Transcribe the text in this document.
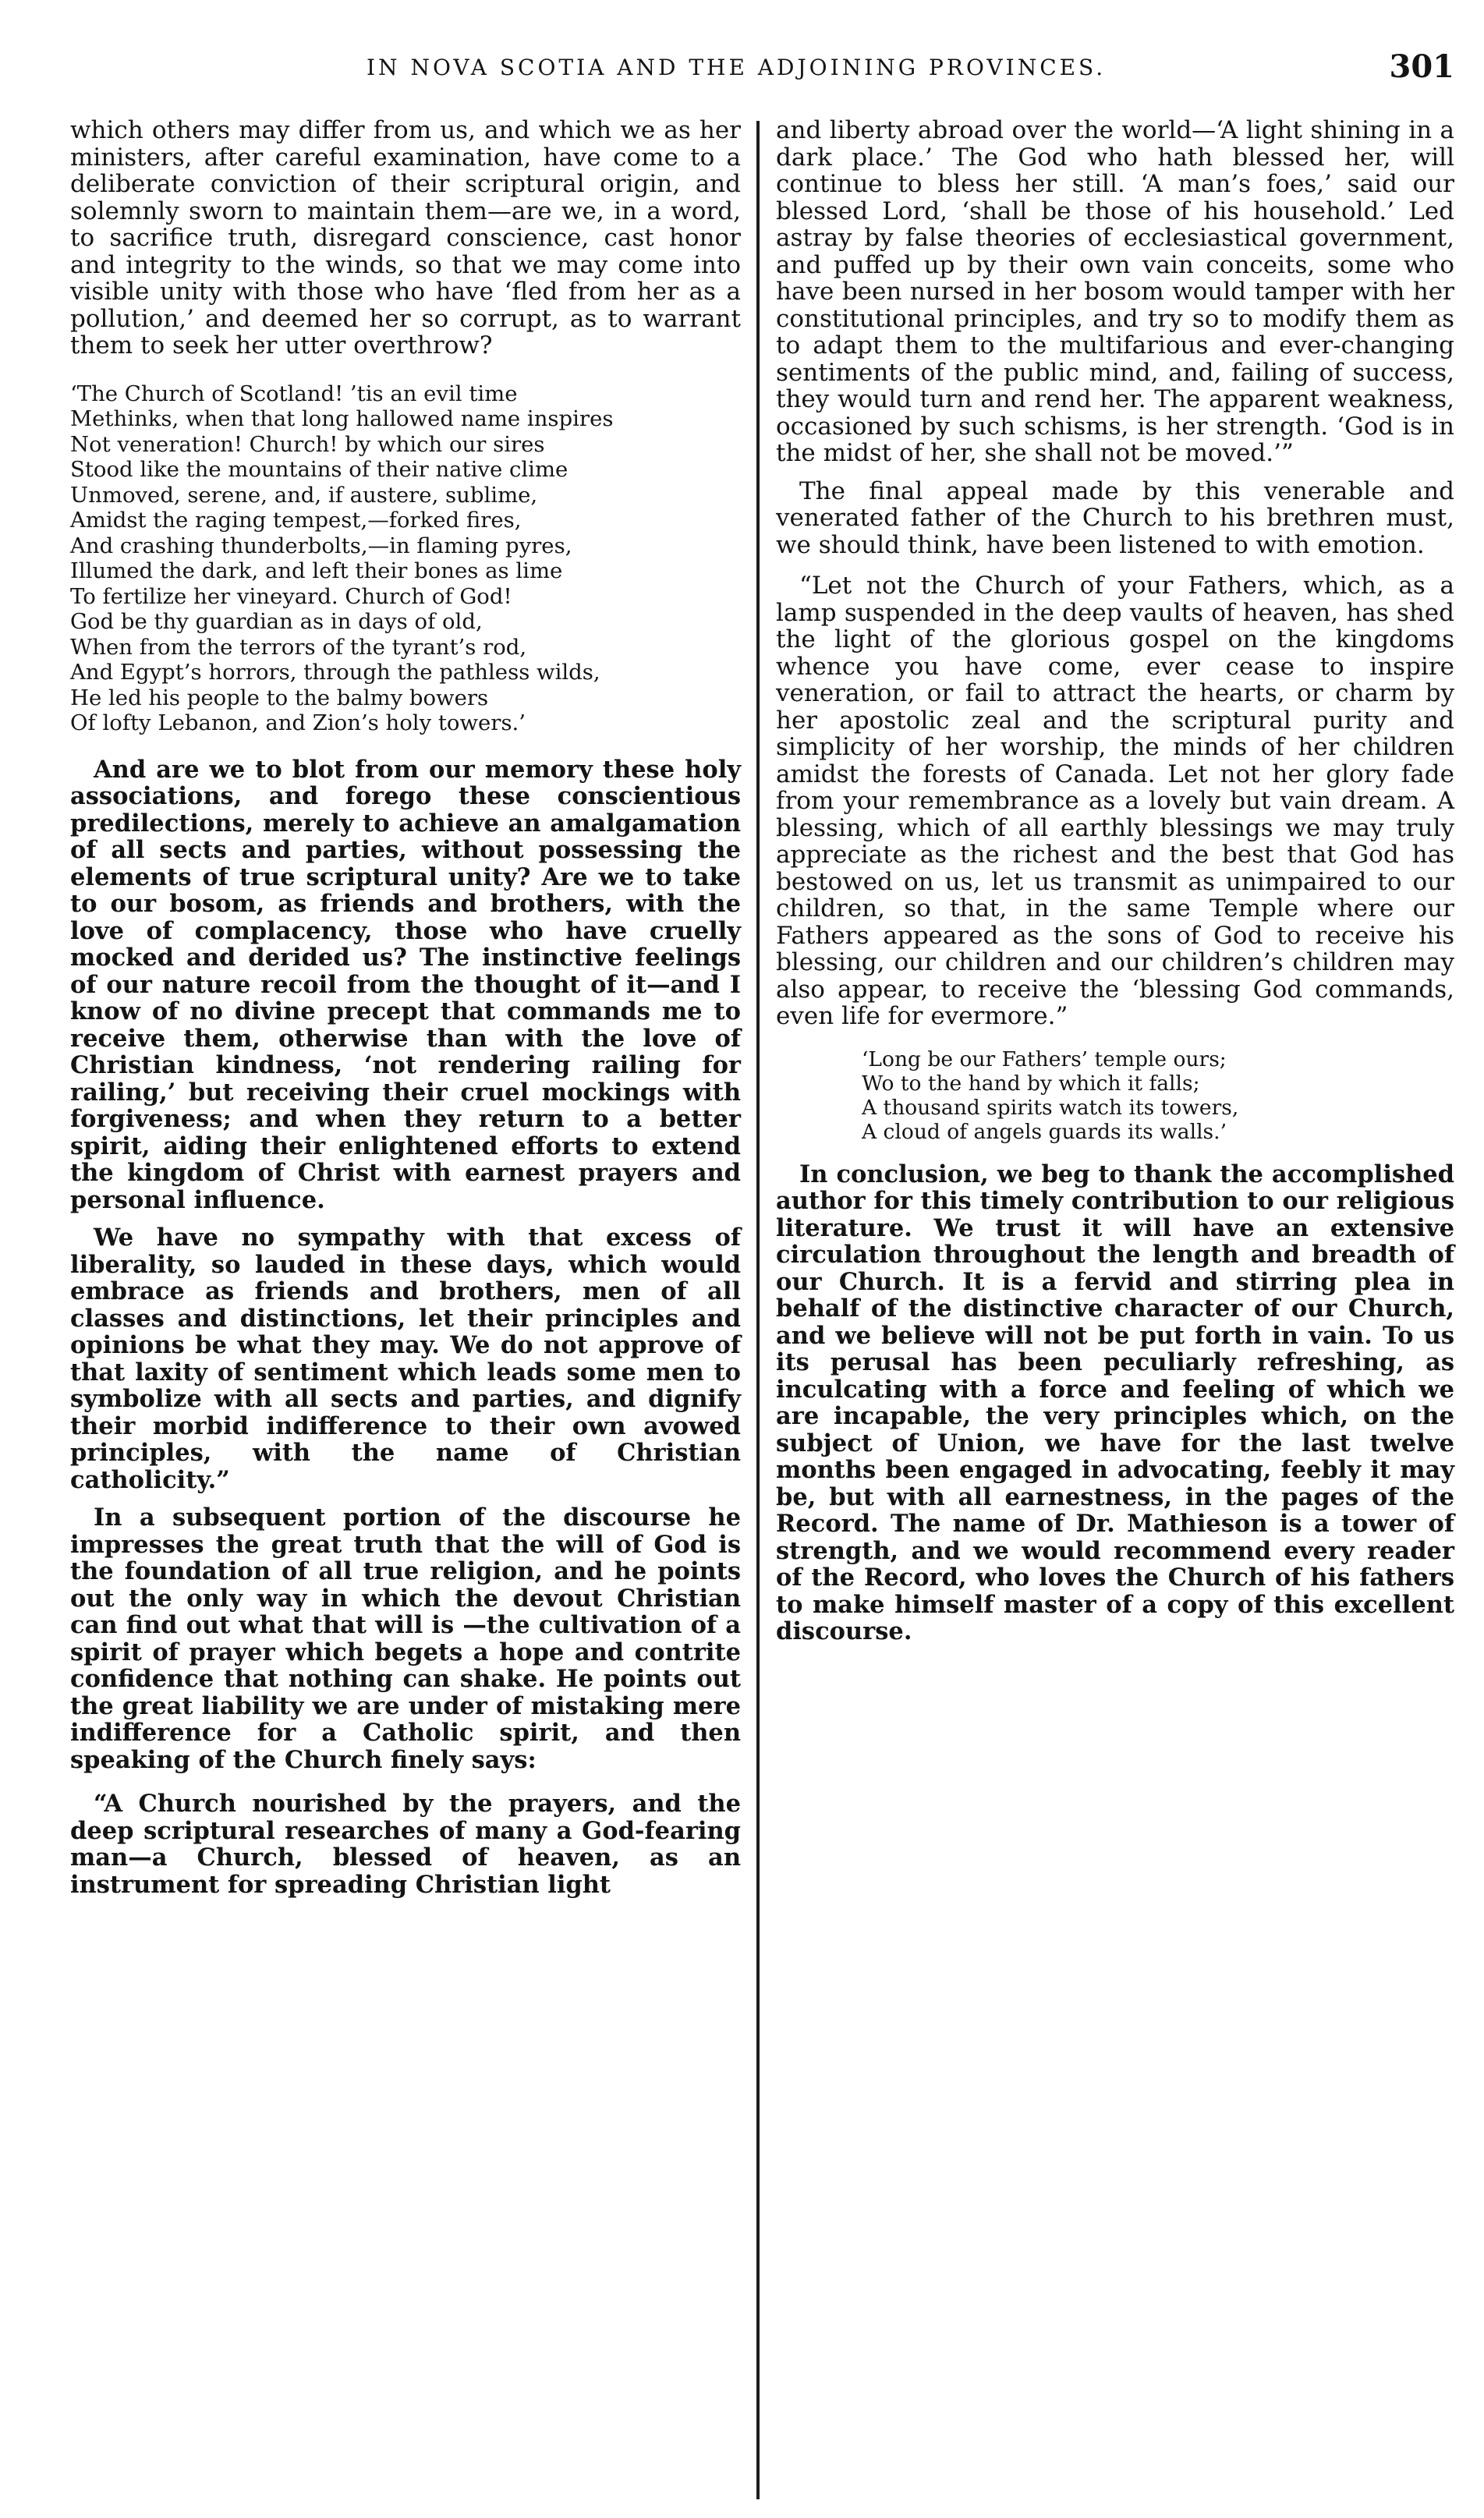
IN NOVA SCOTIA AND THE ADJOINING PROVINCES.	301

which others may differ from us, and which we as her ministers, after careful examination, have come to a deliberate conviction of their scriptural origin, and solemnly sworn to maintain them—are we, in a word, to sacrifice truth, disregard conscience, cast honor and integrity to the winds, so that we may come into visible unity with those who have ‘fled from her as a pollution,’ and deemed her so corrupt, as to warrant them to seek her utter overthrow?

‘The Church of Scotland! ’tis an evil time
Methinks, when that long hallowed name inspires
Not veneration! Church! by which our sires
Stood like the mountains of their native clime
Unmoved, serene, and, if austere, sublime,
Amidst the raging tempest,—forked fires,
And crashing thunderbolts,—in flaming pyres,
Illumed the dark, and left their bones as lime
To fertilize her vineyard. Church of God!
God be thy guardian as in days of old,
When from the terrors of the tyrant’s rod,
And Egypt’s horrors, through the pathless wilds,
He led his people to the balmy bowers
Of lofty Lebanon, and Zion’s holy towers.’

And are we to blot from our memory these holy associations, and forego these conscientious predilections, merely to achieve an amalgamation of all sects and parties, without possessing the elements of true scriptural unity? Are we to take to our bosom, as friends and brothers, with the love of complacency, those who have cruelly mocked and derided us? The instinctive feelings of our nature recoil from the thought of it—and I know of no divine precept that commands me to receive them, otherwise than with the love of Christian kindness, ‘not rendering railing for railing,’ but receiving their cruel mockings with forgiveness; and when they return to a better spirit, aiding their enlightened efforts to extend the kingdom of Christ with earnest prayers and personal influence.

We have no sympathy with that excess of liberality, so lauded in these days, which would embrace as friends and brothers, men of all classes and distinctions, let their principles and opinions be what they may. We do not approve of that laxity of sentiment which leads some men to symbolize with all sects and parties, and dignify their morbid indifference to their own avowed principles, with the name of Christian catholicity.”

In a subsequent portion of the discourse he impresses the great truth that the will of God is the foundation of all true religion, and he points out the only way in which the devout Christian can find out what that will is —the cultivation of a spirit of prayer which begets a hope and contrite confidence that nothing can shake. He points out the great liability we are under of mistaking mere indifference for a Catholic spirit, and then speaking of the Church finely says:

“A Church nourished by the prayers, and the deep scriptural researches of many a God-fearing man—a Church, blessed of heaven, as an instrument for spreading Christian light

and liberty abroad over the world—‘A light shining in a dark place.’ The God who hath blessed her, will continue to bless her still. ‘A man’s foes,’ said our blessed Lord, ‘shall be those of his household.’ Led astray by false theories of ecclesiastical government, and puffed up by their own vain conceits, some who have been nursed in her bosom would tamper with her constitutional principles, and try so to modify them as to adapt them to the multifarious and ever-changing sentiments of the public mind, and, failing of success, they would turn and rend her. The apparent weakness, occasioned by such schisms, is her strength. ‘God is in the midst of her, she shall not be moved.’”

The final appeal made by this venerable and venerated father of the Church to his brethren must, we should think, have been listened to with emotion.

“Let not the Church of your Fathers, which, as a lamp suspended in the deep vaults of heaven, has shed the light of the glorious gospel on the kingdoms whence you have come, ever cease to inspire veneration, or fail to attract the hearts, or charm by her apostolic zeal and the scriptural purity and simplicity of her worship, the minds of her children amidst the forests of Canada. Let not her glory fade from your remembrance as a lovely but vain dream. A blessing, which of all earthly blessings we may truly appreciate as the richest and the best that God has bestowed on us, let us transmit as unimpaired to our children, so that, in the same Temple where our Fathers appeared as the sons of God to receive his blessing, our children and our children’s children may also appear, to receive the ‘blessing God commands, even life for evermore.”

‘Long be our Fathers’ temple ours;
Wo to the hand by which it falls;
A thousand spirits watch its towers,
A cloud of angels guards its walls.’

In conclusion, we beg to thank the accomplished author for this timely contribution to our religious literature. We trust it will have an extensive circulation throughout the length and breadth of our Church. It is a fervid and stirring plea in behalf of the distinctive character of our Church, and we believe will not be put forth in vain. To us its perusal has been peculiarly refreshing, as inculcating with a force and feeling of which we are incapable, the very principles which, on the subject of Union, we have for the last twelve months been engaged in advocating, feebly it may be, but with all earnestness, in the pages of the Record. The name of Dr. Mathieson is a tower of strength, and we would recommend every reader of the Record, who loves the Church of his fathers to make himself master of a copy of this excellent discourse.
